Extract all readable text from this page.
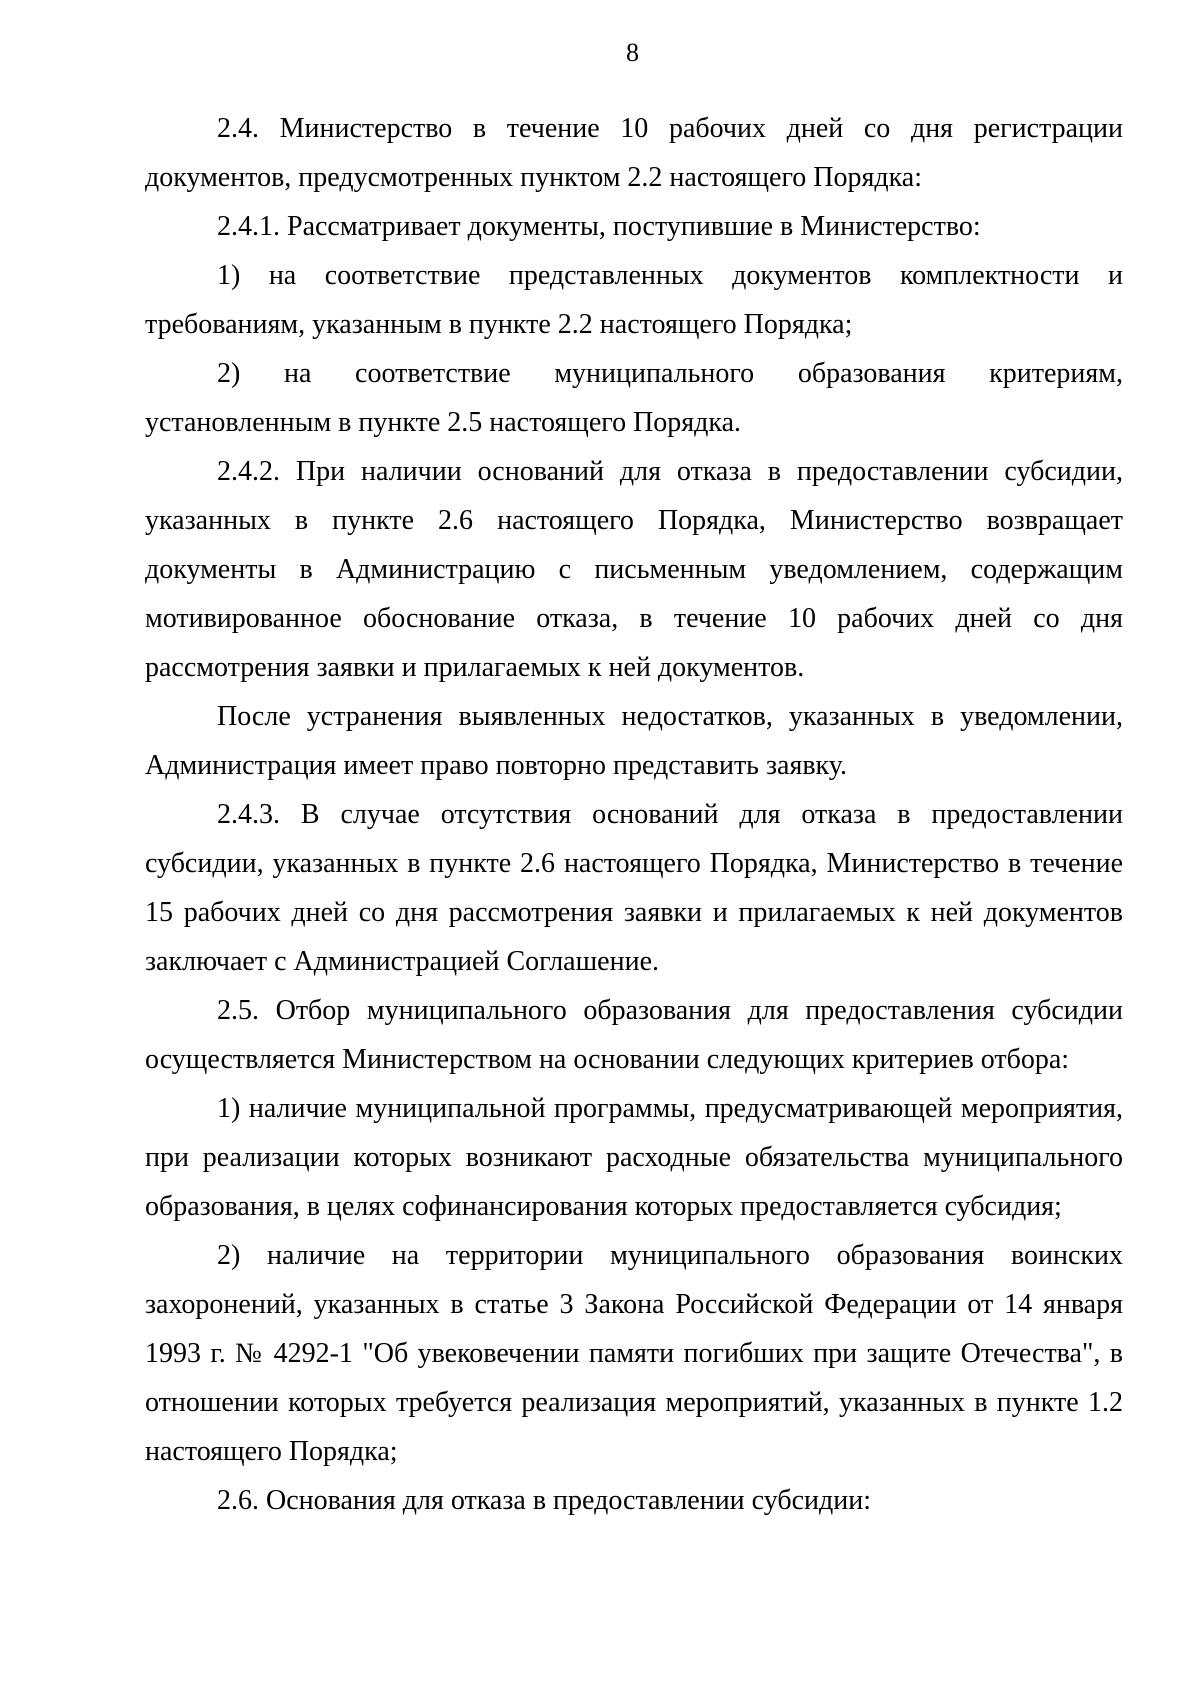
8

2.4. Министерство в течение 10 рабочих дней со дня регистрации документов, предусмотренных пунктом 2.2 настоящего Порядка:

2.4.1. Рассматривает документы, поступившие в Министерство:

1) на соответствие представленных документов комплектности и требованиям, указанным в пункте 2.2 настоящего Порядка;

2) на соответствие муниципального образования критериям, установленным в пункте 2.5 настоящего Порядка.

2.4.2. При наличии оснований для отказа в предоставлении субсидии, указанных в пункте 2.6 настоящего Порядка, Министерство возвращает документы в Администрацию с письменным уведомлением, содержащим мотивированное обоснование отказа, в течение 10 рабочих дней со дня рассмотрения заявки и прилагаемых к ней документов.

После устранения выявленных недостатков, указанных в уведомлении, Администрация имеет право повторно представить заявку.

2.4.3. В случае отсутствия оснований для отказа в предоставлении субсидии, указанных в пункте 2.6 настоящего Порядка, Министерство в течение 15 рабочих дней со дня рассмотрения заявки и прилагаемых к ней документов заключает с Администрацией Соглашение.

2.5. Отбор муниципального образования для предоставления субсидии осуществляется Министерством на основании следующих критериев отбора:

1) наличие муниципальной программы, предусматривающей мероприятия, при реализации которых возникают расходные обязательства муниципального образования, в целях софинансирования которых предоставляется субсидия;

2) наличие на территории муниципального образования воинских захоронений, указанных в статье 3 Закона Российской Федерации от 14 января 1993 г. № 4292-1 "Об увековечении памяти погибших при защите Отечества", в отношении которых требуется реализация мероприятий, указанных в пункте 1.2 настоящего Порядка;

2.6. Основания для отказа в предоставлении субсидии:
